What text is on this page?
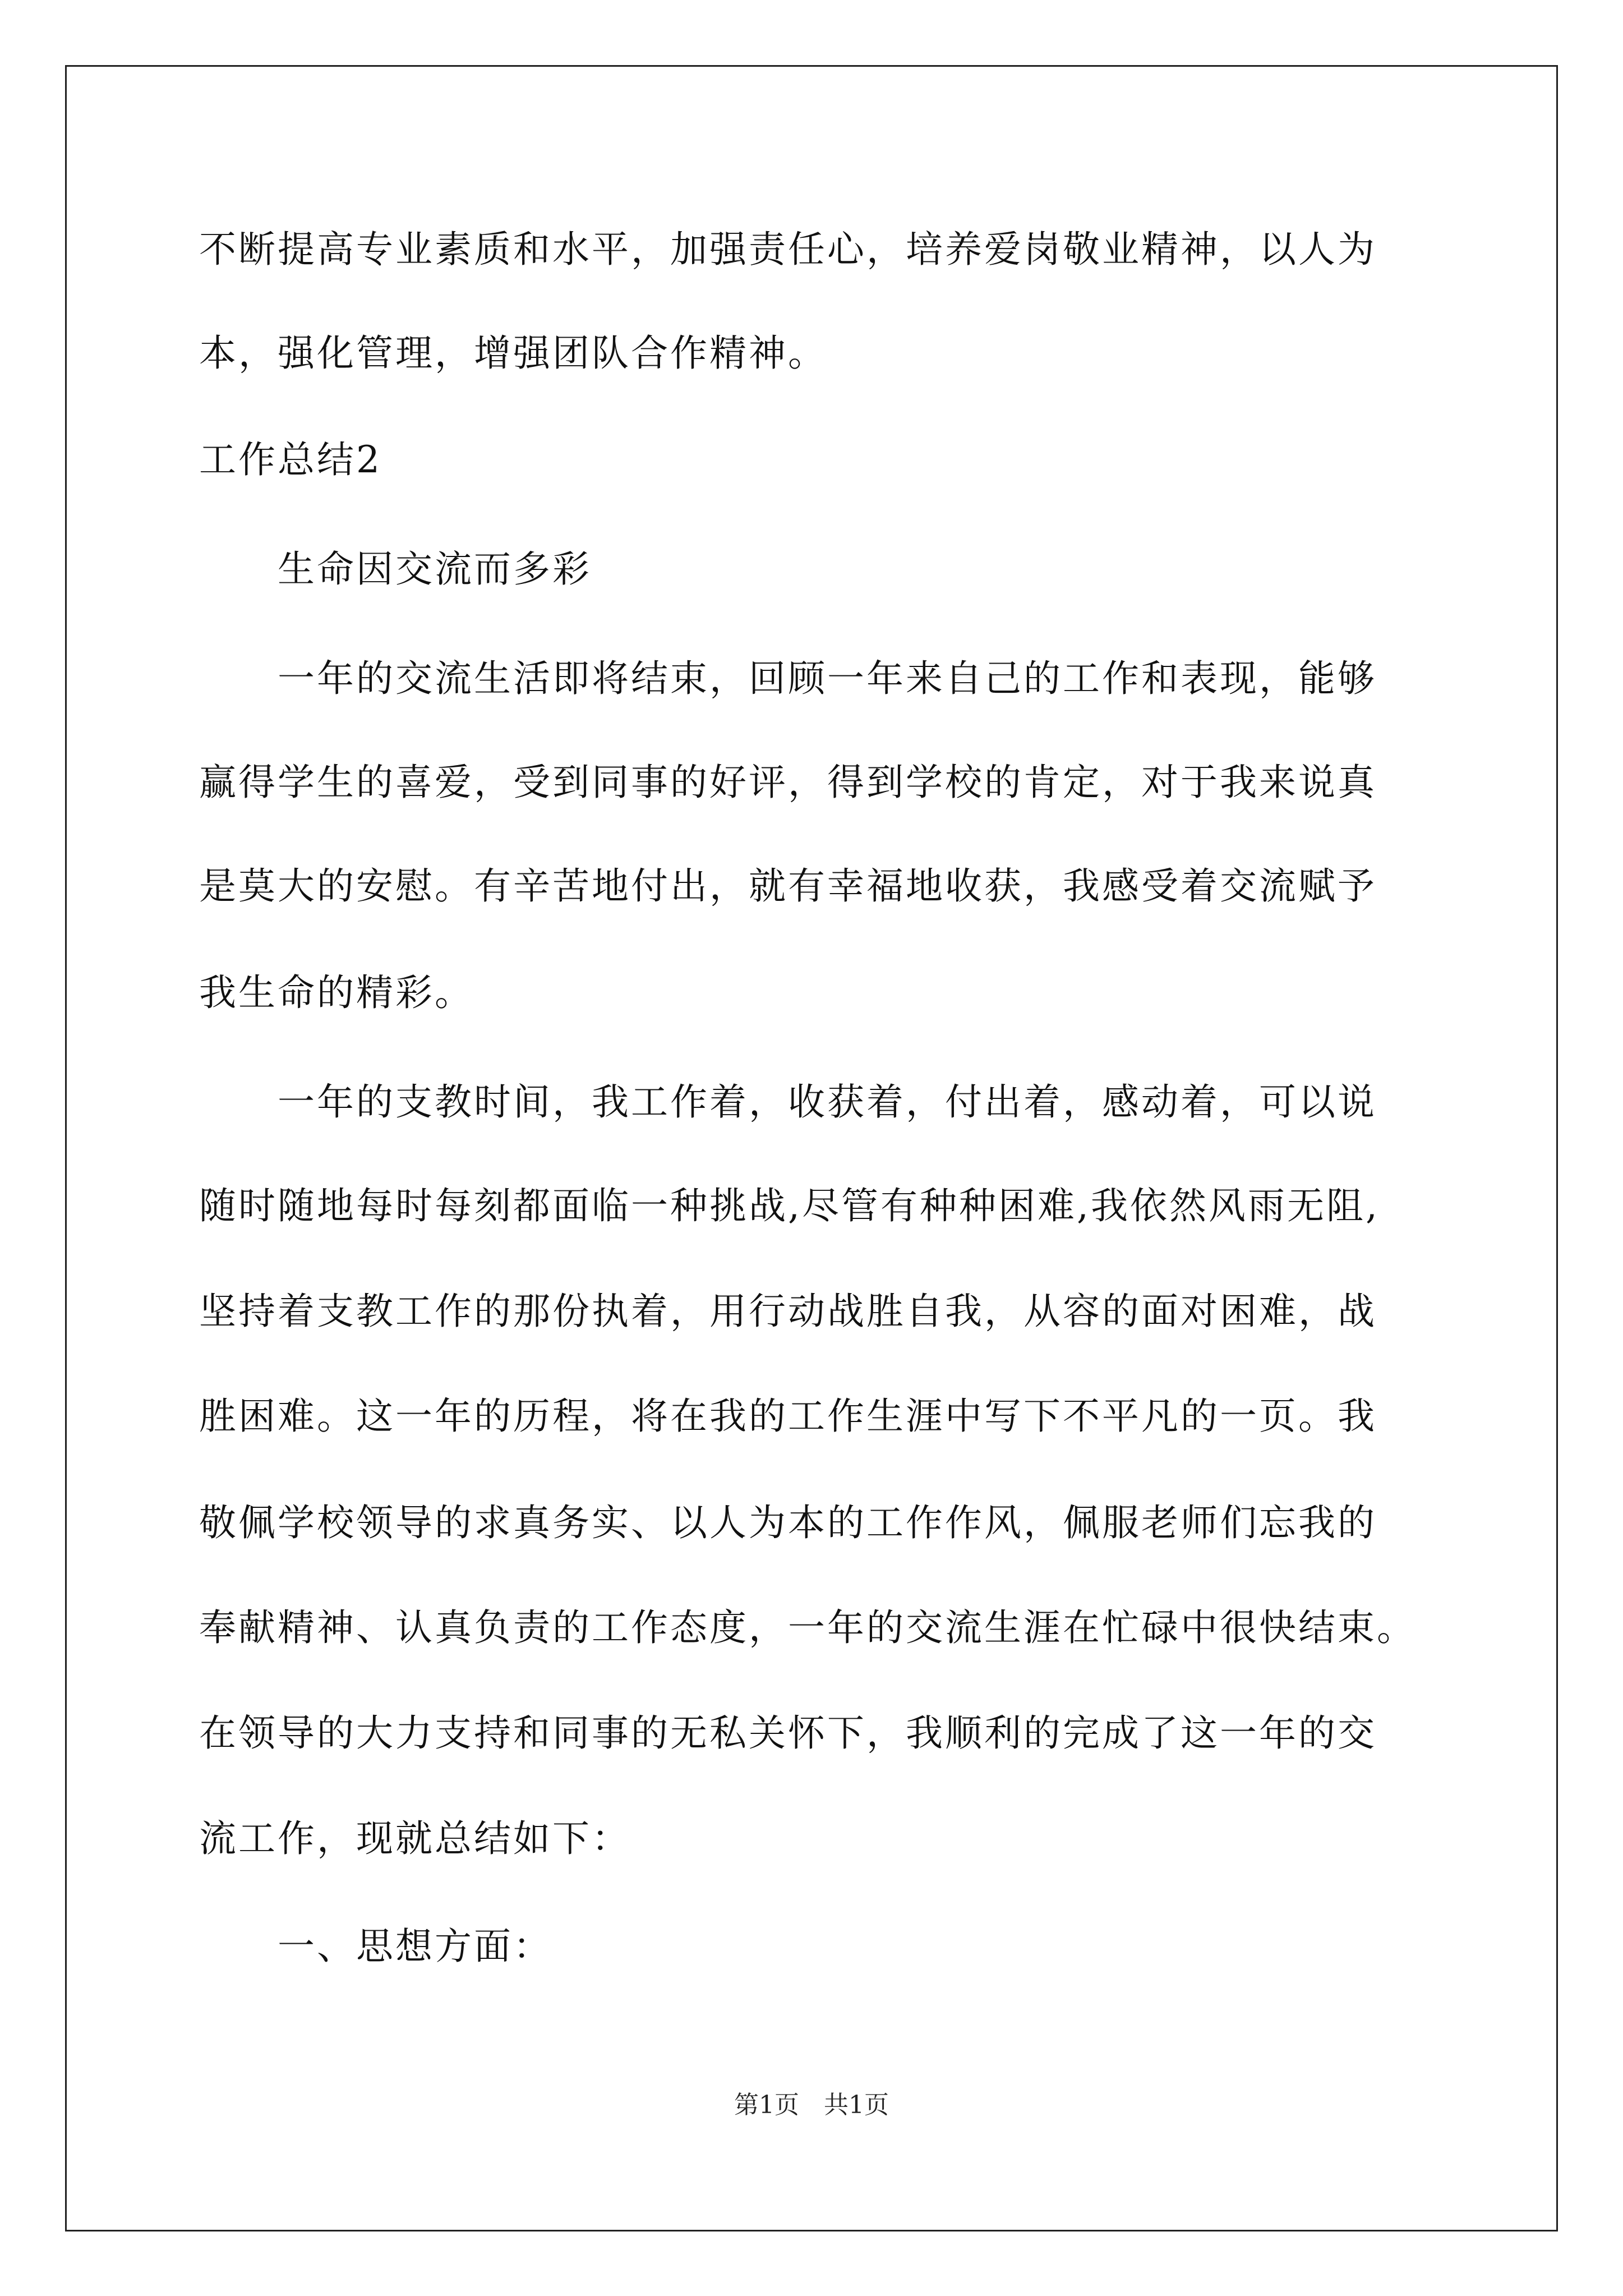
不断提高专业素质和水平，加强责任心，培养爱岗敬业精神，以人为
本，强化管理，增强团队合作精神。
工作总结2
生命因交流而多彩
一年的交流生活即将结束，回顾一年来自己的工作和表现，能够
赢得学生的喜爱，受到同事的好评，得到学校的肯定，对于我来说真
是莫大的安慰。有辛苦地付出，就有幸福地收获，我感受着交流赋予
我生命的精彩。
一年的支教时间，我工作着，收获着，付出着，感动着，可以说
随时随地每时每刻都面临一种挑战,尽管有种种困难,我依然风雨无阻,
坚持着支教工作的那份执着，用行动战胜自我，从容的面对困难，战
胜困难。这一年的历程，将在我的工作生涯中写下不平凡的一页。我
敬佩学校领导的求真务实、以人为本的工作作风，佩服老师们忘我的
奉献精神、认真负责的工作态度，一年的交流生涯在忙碌中很快结束。
在领导的大力支持和同事的无私关怀下，我顺利的完成了这一年的交
流工作，现就总结如下：
一、思想方面：
第1页　共1页
